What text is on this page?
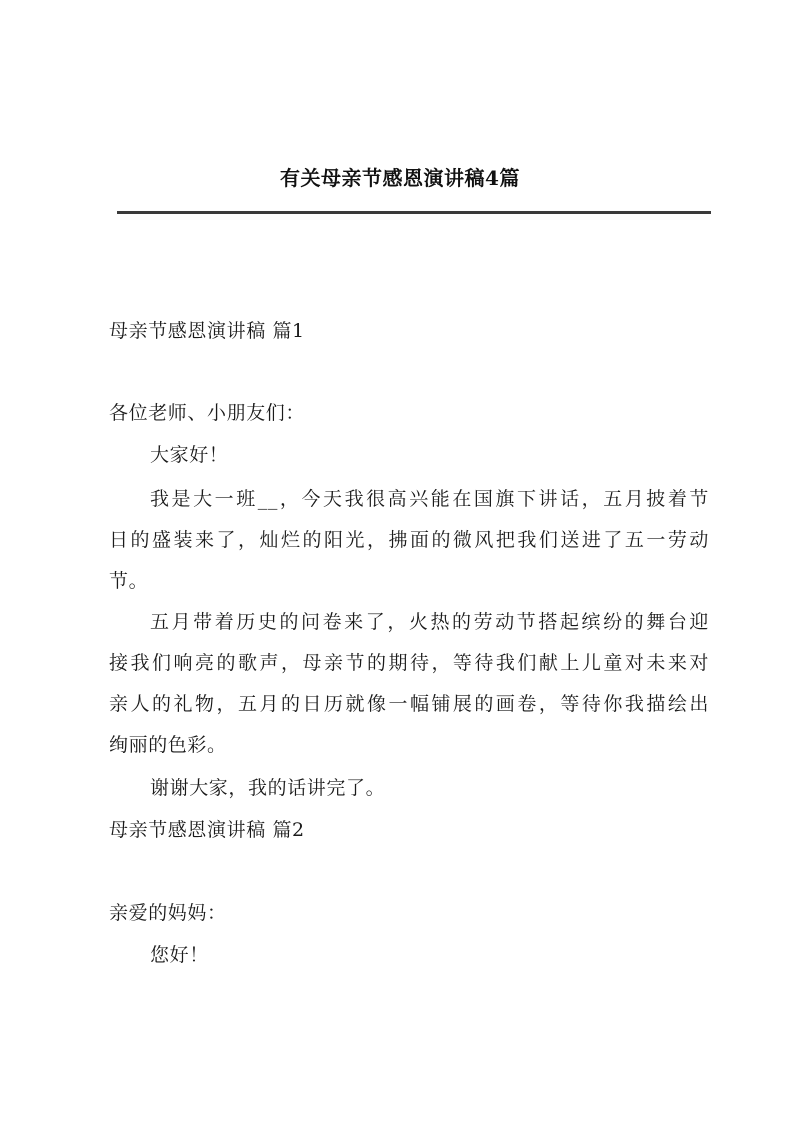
有关母亲节感恩演讲稿4篇
母亲节感恩演讲稿 篇1
各位老师、小朋友们：
大家好！
我是大一班__，今天我很高兴能在国旗下讲话，五月披着节
日的盛装来了，灿烂的阳光，拂面的微风把我们送进了五一劳动
节。
五月带着历史的问卷来了，火热的劳动节搭起缤纷的舞台迎
接我们响亮的歌声，母亲节的期待，等待我们献上儿童对未来对
亲人的礼物，五月的日历就像一幅铺展的画卷，等待你我描绘出
绚丽的色彩。
谢谢大家，我的话讲完了。
母亲节感恩演讲稿 篇2
亲爱的妈妈：
您好！
